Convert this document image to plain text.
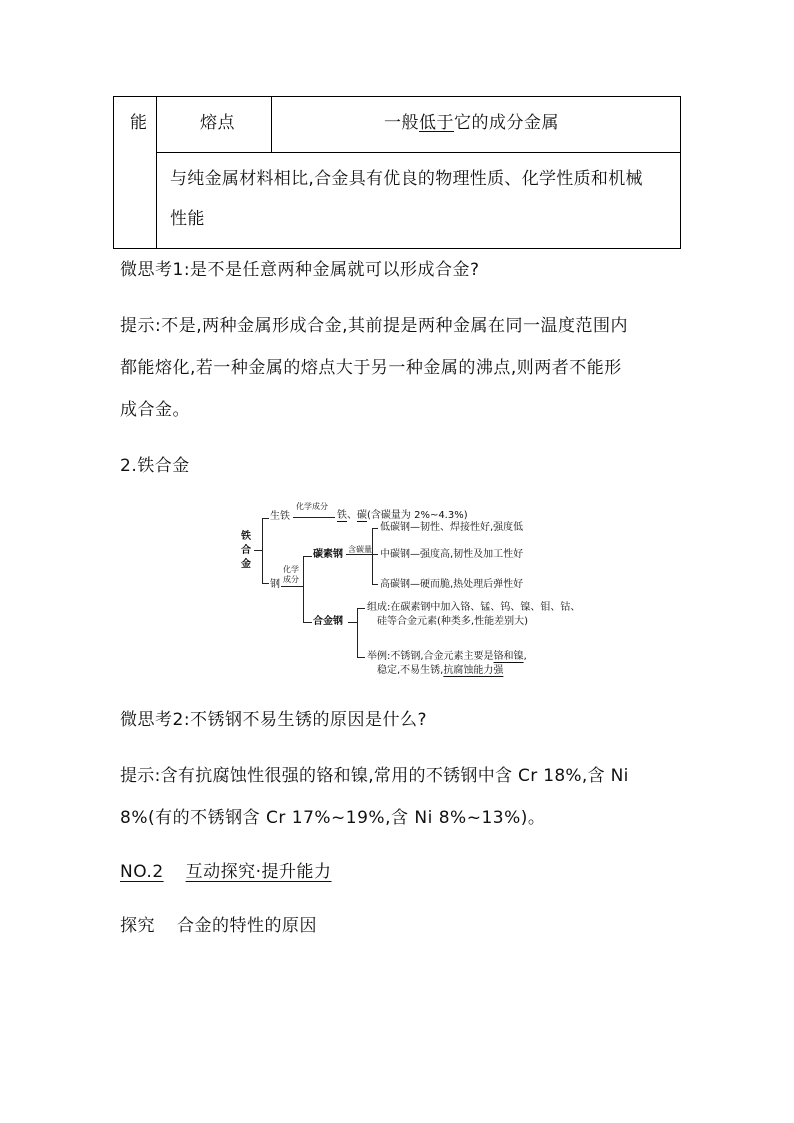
能	熔点	一般低于它的成分金属
与纯金属材料相比,合金具有优良的物理性质、化学性质和机械
性能
微思考1:是不是任意两种金属就可以形成合金?
提示:不是,两种金属形成合金,其前提是两种金属在同一温度范围内
都能熔化,若一种金属的熔点大于另一种金属的沸点,则两者不能形
成合金。
2.铁合金
铁
合
金
生铁
化学成分
铁、碳(含碳量为 2%~4.3%)
钢
化学
成分
碳素钢 含碳量
低碳钢—韧性、焊接性好,强度低
中碳钢—强度高,韧性及加工性好
高碳钢—硬而脆,热处理后弹性好
合金钢
组成:在碳素钢中加入铬、锰、钨、镍、钼、钴、
硅等合金元素(种类多,性能差别大)
举例:不锈钢,合金元素主要是铬和镍,
稳定,不易生锈,抗腐蚀能力强
微思考2:不锈钢不易生锈的原因是什么?
提示:含有抗腐蚀性很强的铬和镍,常用的不锈钢中含 Cr 18%,含 Ni
8%(有的不锈钢含 Cr 17%~19%,含 Ni 8%~13%)。
NO.2 互动探究·提升能力
探究 合金的特性的原因
